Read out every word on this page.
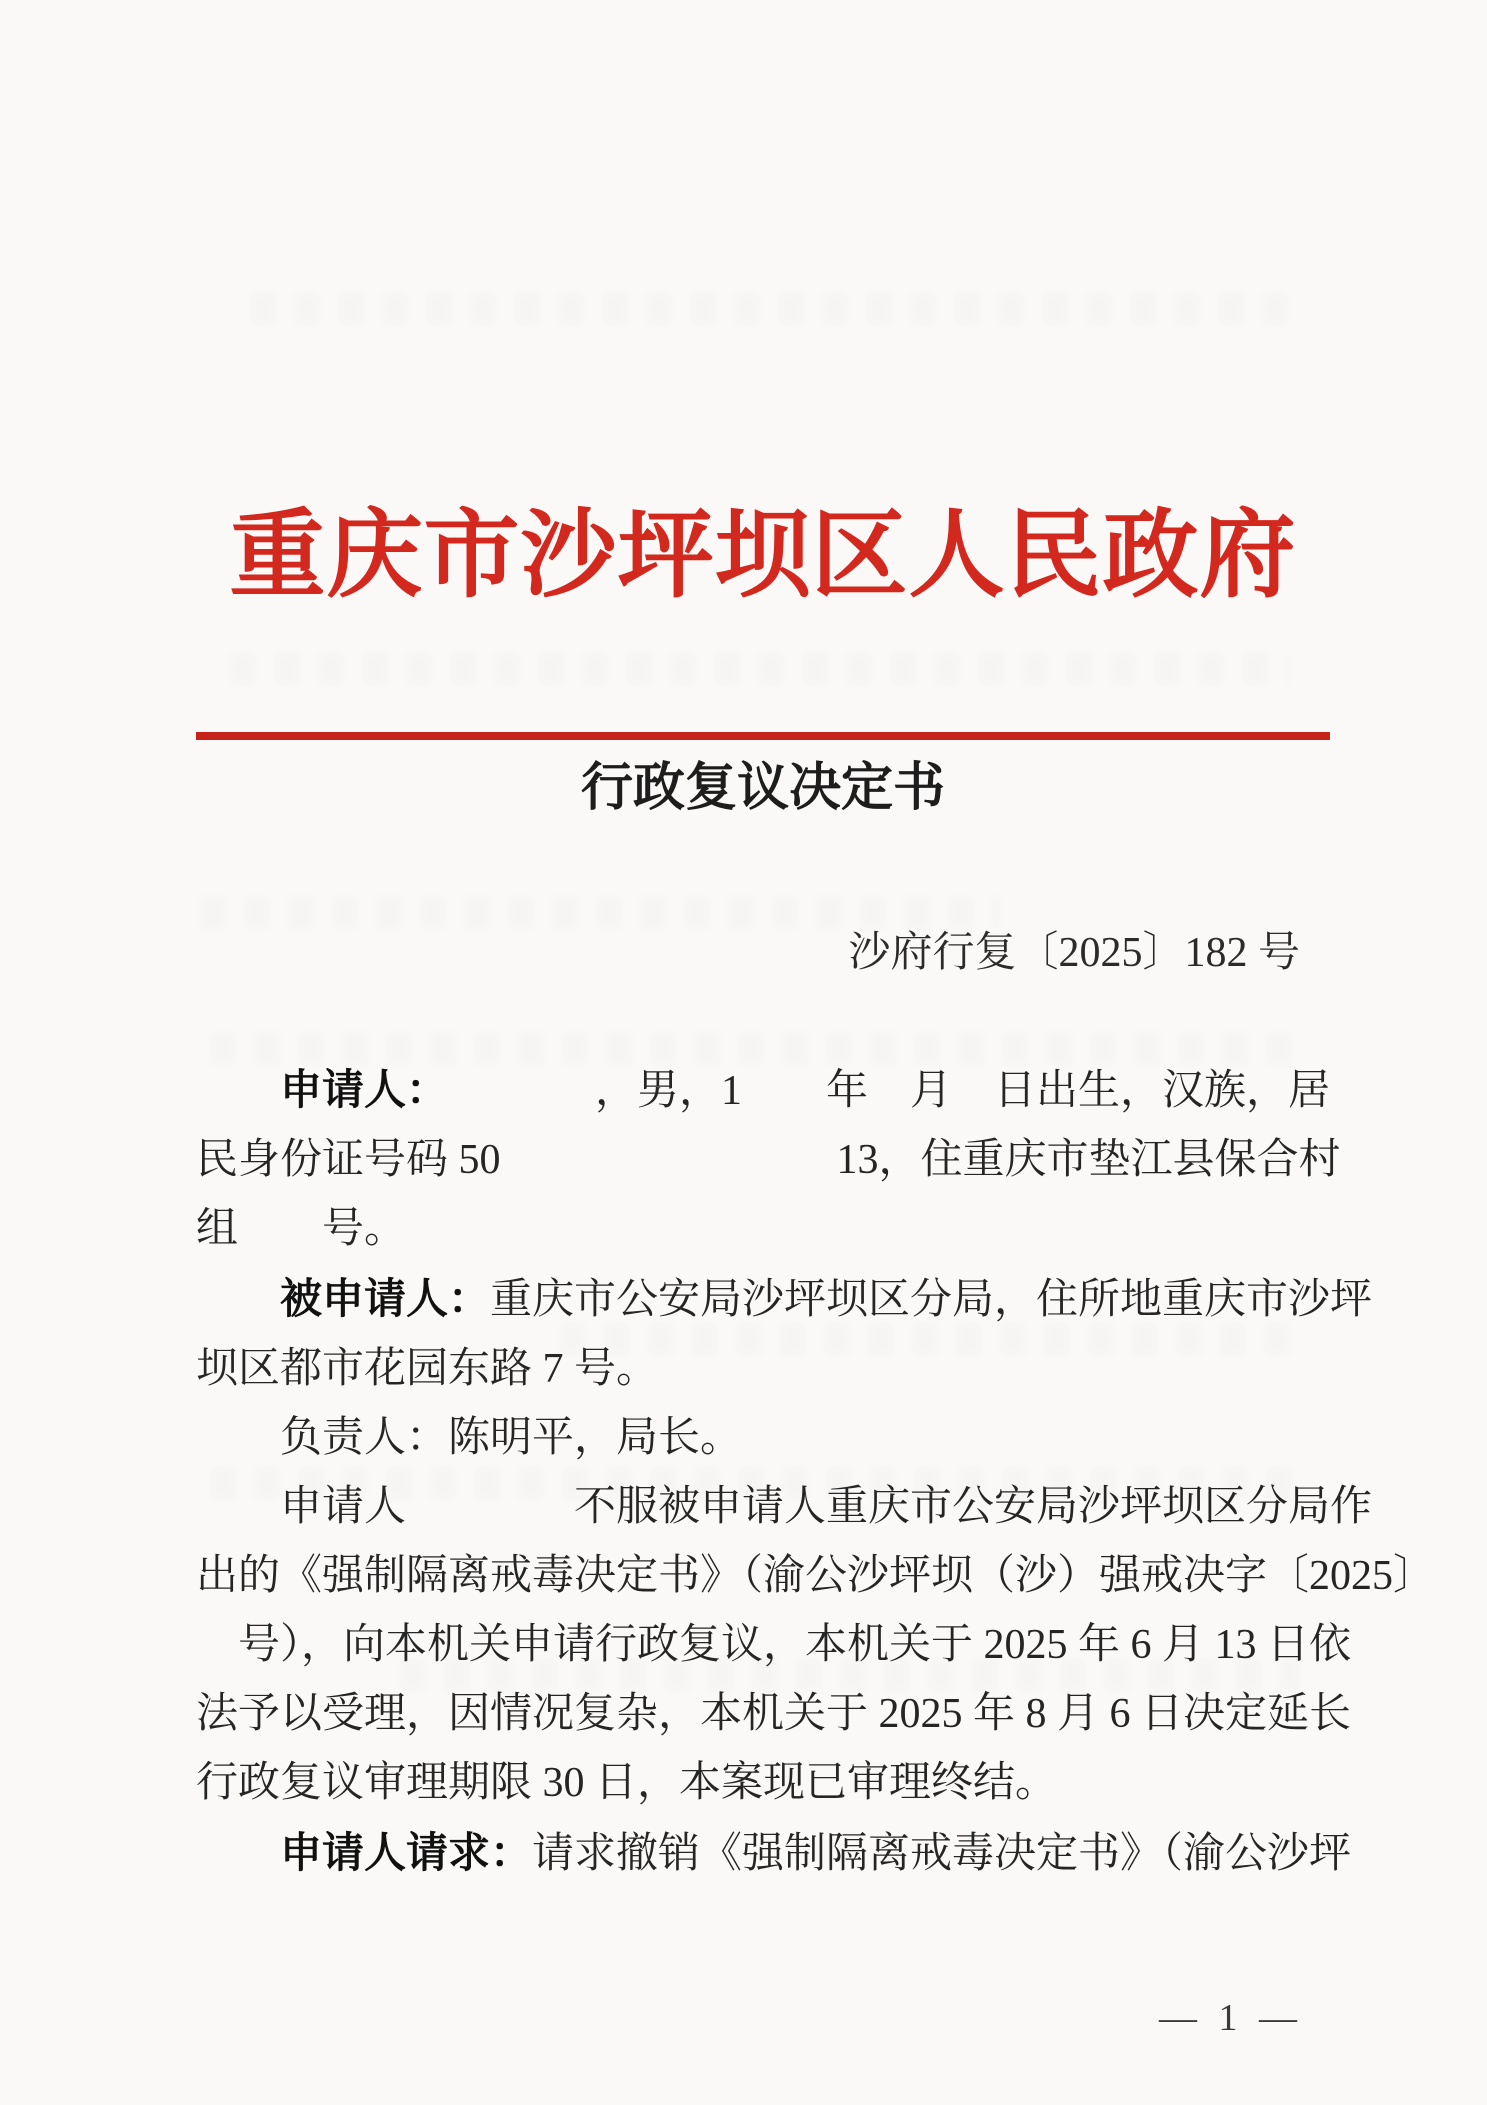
重庆市沙坪坝区人民政府
行政复议决定书
沙府行复〔2025〕182 号
　　申请人：　　　　，男，1　　年　月　日出生，汉族，居
民身份证号码 50　　　　　　　　13，住重庆市垫江县保合村
组　　号。
　　被申请人：重庆市公安局沙坪坝区分局，住所地重庆市沙坪
坝区都市花园东路 7 号。
　　负责人：陈明平，局长。
　　申请人　　　　不服被申请人重庆市公安局沙坪坝区分局作
出的《强制隔离戒毒决定书》（渝公沙坪坝（沙）强戒决字〔2025〕
　号），向本机关申请行政复议，本机关于 2025 年 6 月 13 日依
法予以受理，因情况复杂，本机关于 2025 年 8 月 6 日决定延长
行政复议审理期限 30 日，本案现已审理终结。
　　申请人请求：请求撤销《强制隔离戒毒决定书》（渝公沙坪
— 1 —
